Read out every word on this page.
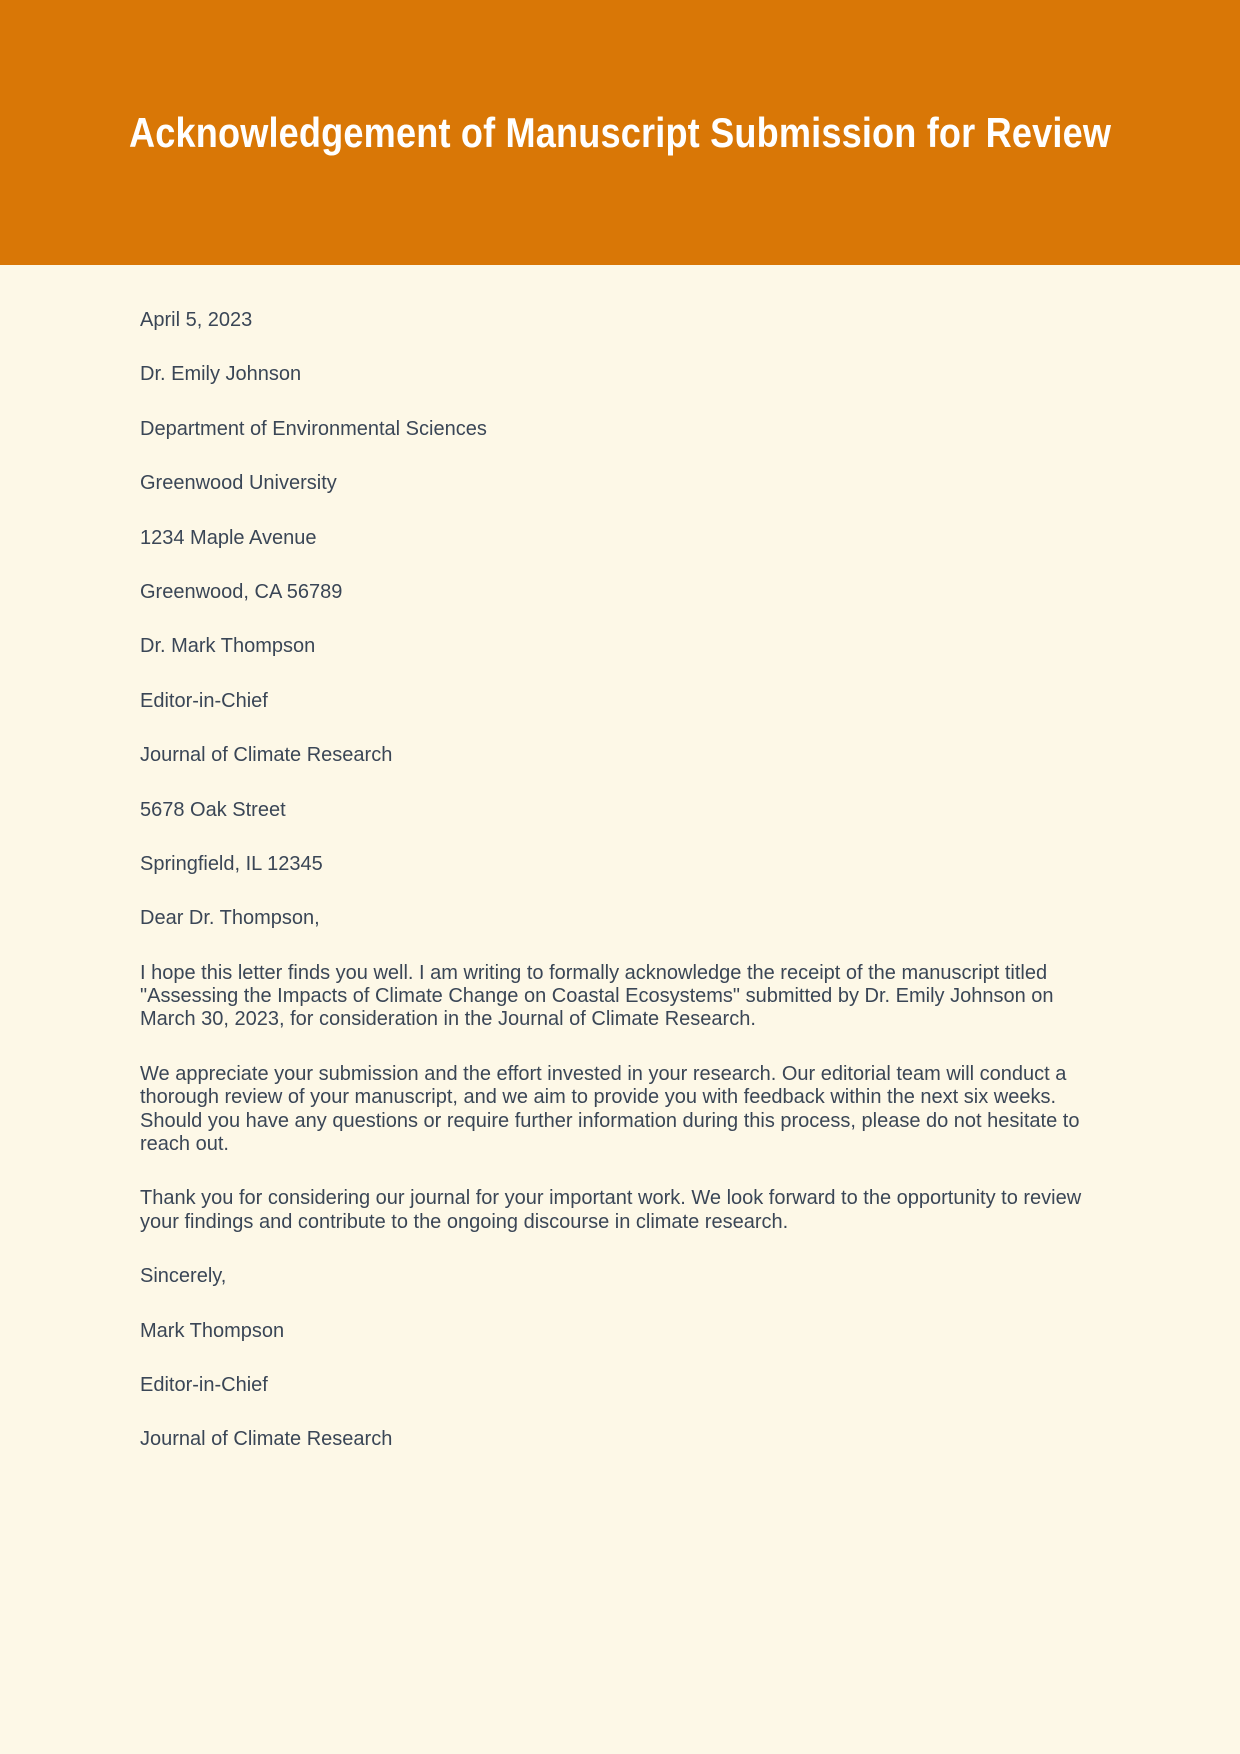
Acknowledgement of Manuscript Submission for Review

April 5, 2023

Dr. Emily Johnson

Department of Environmental Sciences

Greenwood University

1234 Maple Avenue

Greenwood, CA 56789

Dr. Mark Thompson

Editor-in-Chief

Journal of Climate Research

5678 Oak Street

Springfield, IL 12345

Dear Dr. Thompson,

I hope this letter finds you well. I am writing to formally acknowledge the receipt of the manuscript titled "Assessing the Impacts of Climate Change on Coastal Ecosystems" submitted by Dr. Emily Johnson on March 30, 2023, for consideration in the Journal of Climate Research.

We appreciate your submission and the effort invested in your research. Our editorial team will conduct a thorough review of your manuscript, and we aim to provide you with feedback within the next six weeks. Should you have any questions or require further information during this process, please do not hesitate to reach out.

Thank you for considering our journal for your important work. We look forward to the opportunity to review your findings and contribute to the ongoing discourse in climate research.

Sincerely,

Mark Thompson

Editor-in-Chief

Journal of Climate Research
